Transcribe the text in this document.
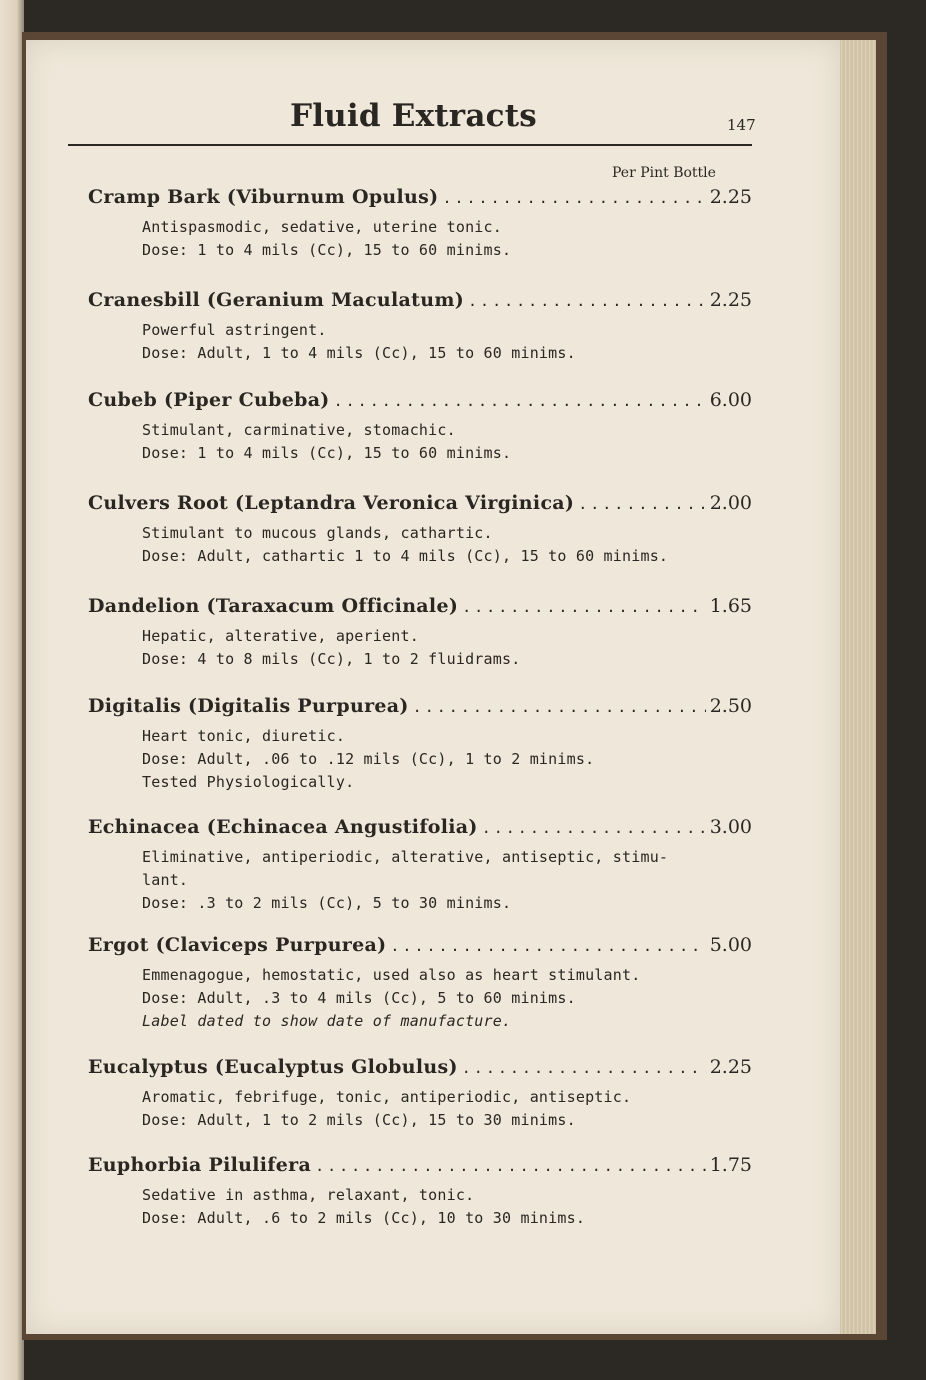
Fluid Extracts	147
Per Pint Bottle
Cramp Bark (Viburnum Opulus) .....	2.25
Antispasmodic, sedative, uterine tonic.
Dose: 1 to 4 mils (Cc), 15 to 60 minims.
Cranesbill (Geranium Maculatum) .....	2.25
Powerful astringent.
Dose: Adult, 1 to 4 mils (Cc), 15 to 60 minims.
Cubeb (Piper Cubeba) .....	6.00
Stimulant, carminative, stomachic.
Dose: 1 to 4 mils (Cc), 15 to 60 minims.
Culvers Root (Leptandra Veronica Virginica) .....	2.00
Stimulant to mucous glands, cathartic.
Dose: Adult, cathartic 1 to 4 mils (Cc), 15 to 60 minims.
Dandelion (Taraxacum Officinale) .....	1.65
Hepatic, alterative, aperient.
Dose: 4 to 8 mils (Cc), 1 to 2 fluidrams.
Digitalis (Digitalis Purpurea) .....	2.50
Heart tonic, diuretic.
Dose: Adult, .06 to .12 mils (Cc), 1 to 2 minims.
Tested Physiologically.
Echinacea (Echinacea Angustifolia) .....	3.00
Eliminative, antiperiodic, alterative, antiseptic, stimu-lant.
Dose: .3 to 2 mils (Cc), 5 to 30 minims.
Ergot (Claviceps Purpurea) .....	5.00
Emmenagogue, hemostatic, used also as heart stimulant.
Dose: Adult, .3 to 4 mils (Cc), 5 to 60 minims.
Label dated to show date of manufacture.
Eucalyptus (Eucalyptus Globulus) .....	2.25
Aromatic, febrifuge, tonic, antiperiodic, antiseptic.
Dose: Adult, 1 to 2 mils (Cc), 15 to 30 minims.
Euphorbia Pilulifera .....	1.75
Sedative in asthma, relaxant, tonic.
Dose: Adult, .6 to 2 mils (Cc), 10 to 30 minims.
